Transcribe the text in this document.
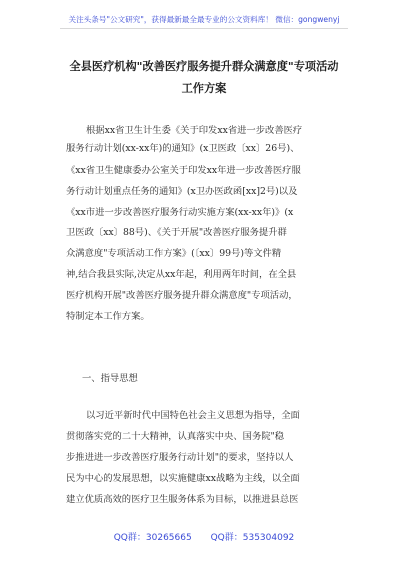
关注头条号"公文研究"，获得最新最全最专业的公文资料库！ 微信：gongwenyj
全县医疗机构"改善医疗服务提升群众满意度"专项活动
工作方案
根据xx省卫生计生委《关于印发xx省进一步改善医疗
服务行动计划(xx-xx年)的通知》(x卫医政〔xx〕26号)、
《xx省卫生健康委办公室关于印发xx年进一步改善医疗服
务行动计划重点任务的通知》(x卫办医政函[xx]2号)以及
《xx市进一步改善医疗服务行动实施方案(xx-xx年)》(x
卫医政〔xx〕88号)、《关于开展"改善医疗服务提升群
众满意度"专项活动工作方案》(〔xx〕99号)等文件精
神,结合我县实际,决定从xx年起，利用两年时间，在全县
医疗机构开展"改善医疗服务提升群众满意度"专项活动，
特制定本工作方案。
一、指导思想
以习近平新时代中国特色社会主义思想为指导，全面
贯彻落实党的二十大精神，认真落实中央、国务院"稳
步推进进一步改善医疗服务行动计划"的要求，坚持以人
民为中心的发展思想，以实施健康xx战略为主线，以全面
建立优质高效的医疗卫生服务体系为目标，以推进县总医
QQ群：30265665 QQ群：535304092
